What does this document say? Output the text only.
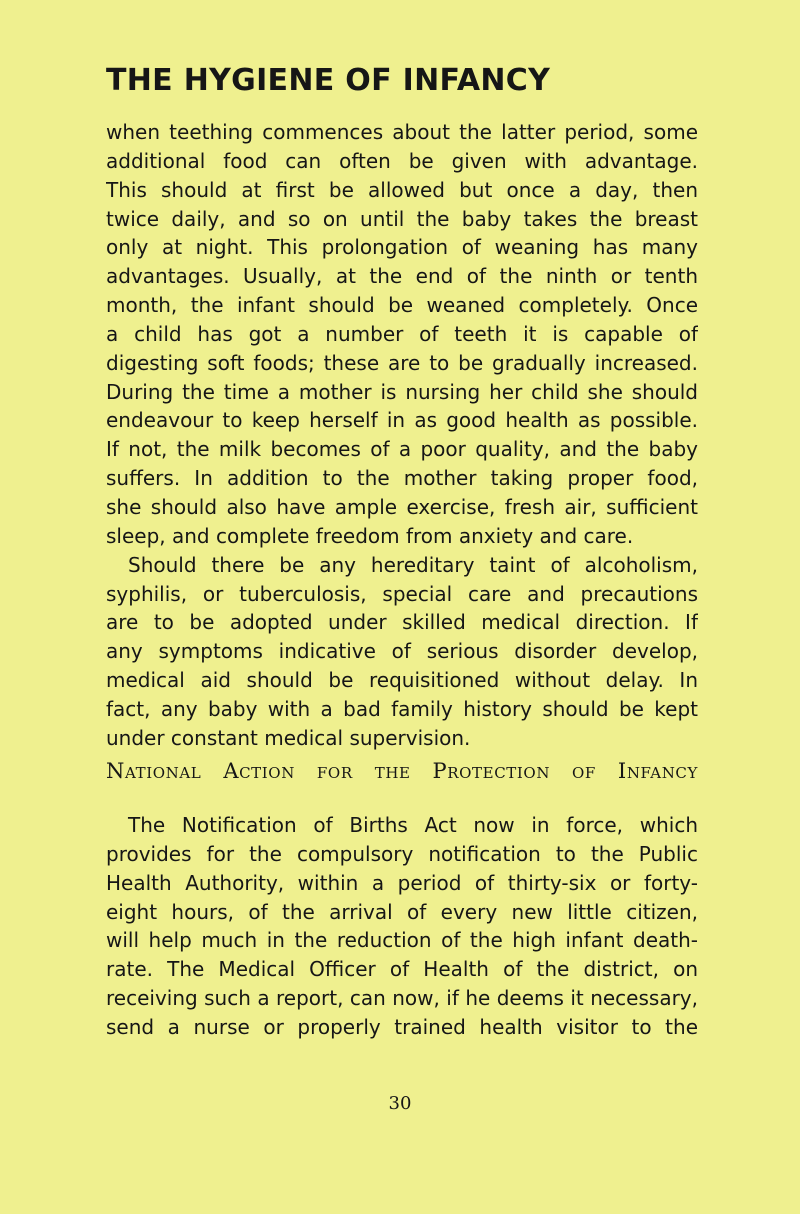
THE HYGIENE OF INFANCY
when teething commences about the latter period, some
additional food can often be given with advantage.
This should at first be allowed but once a day, then
twice daily, and so on until the baby takes the breast
only at night. This prolongation of weaning has many
advantages. Usually, at the end of the ninth or tenth
month, the infant should be weaned completely. Once
a child has got a number of teeth it is capable of
digesting soft foods; these are to be gradually increased.
During the time a mother is nursing her child she should
endeavour to keep herself in as good health as possible.
If not, the milk becomes of a poor quality, and the baby
suffers. In addition to the mother taking proper food,
she should also have ample exercise, fresh air, sufficient
sleep, and complete freedom from anxiety and care.
Should there be any hereditary taint of alcoholism,
syphilis, or tuberculosis, special care and precautions
are to be adopted under skilled medical direction. If
any symptoms indicative of serious disorder develop,
medical aid should be requisitioned without delay. In
fact, any baby with a bad family history should be kept
under constant medical supervision.
National Action for the Protection of Infancy
The Notification of Births Act now in force, which
provides for the compulsory notification to the Public
Health Authority, within a period of thirty-six or forty-
eight hours, of the arrival of every new little citizen,
will help much in the reduction of the high infant death-
rate. The Medical Officer of Health of the district, on
receiving such a report, can now, if he deems it necessary,
send a nurse or properly trained health visitor to the
30
